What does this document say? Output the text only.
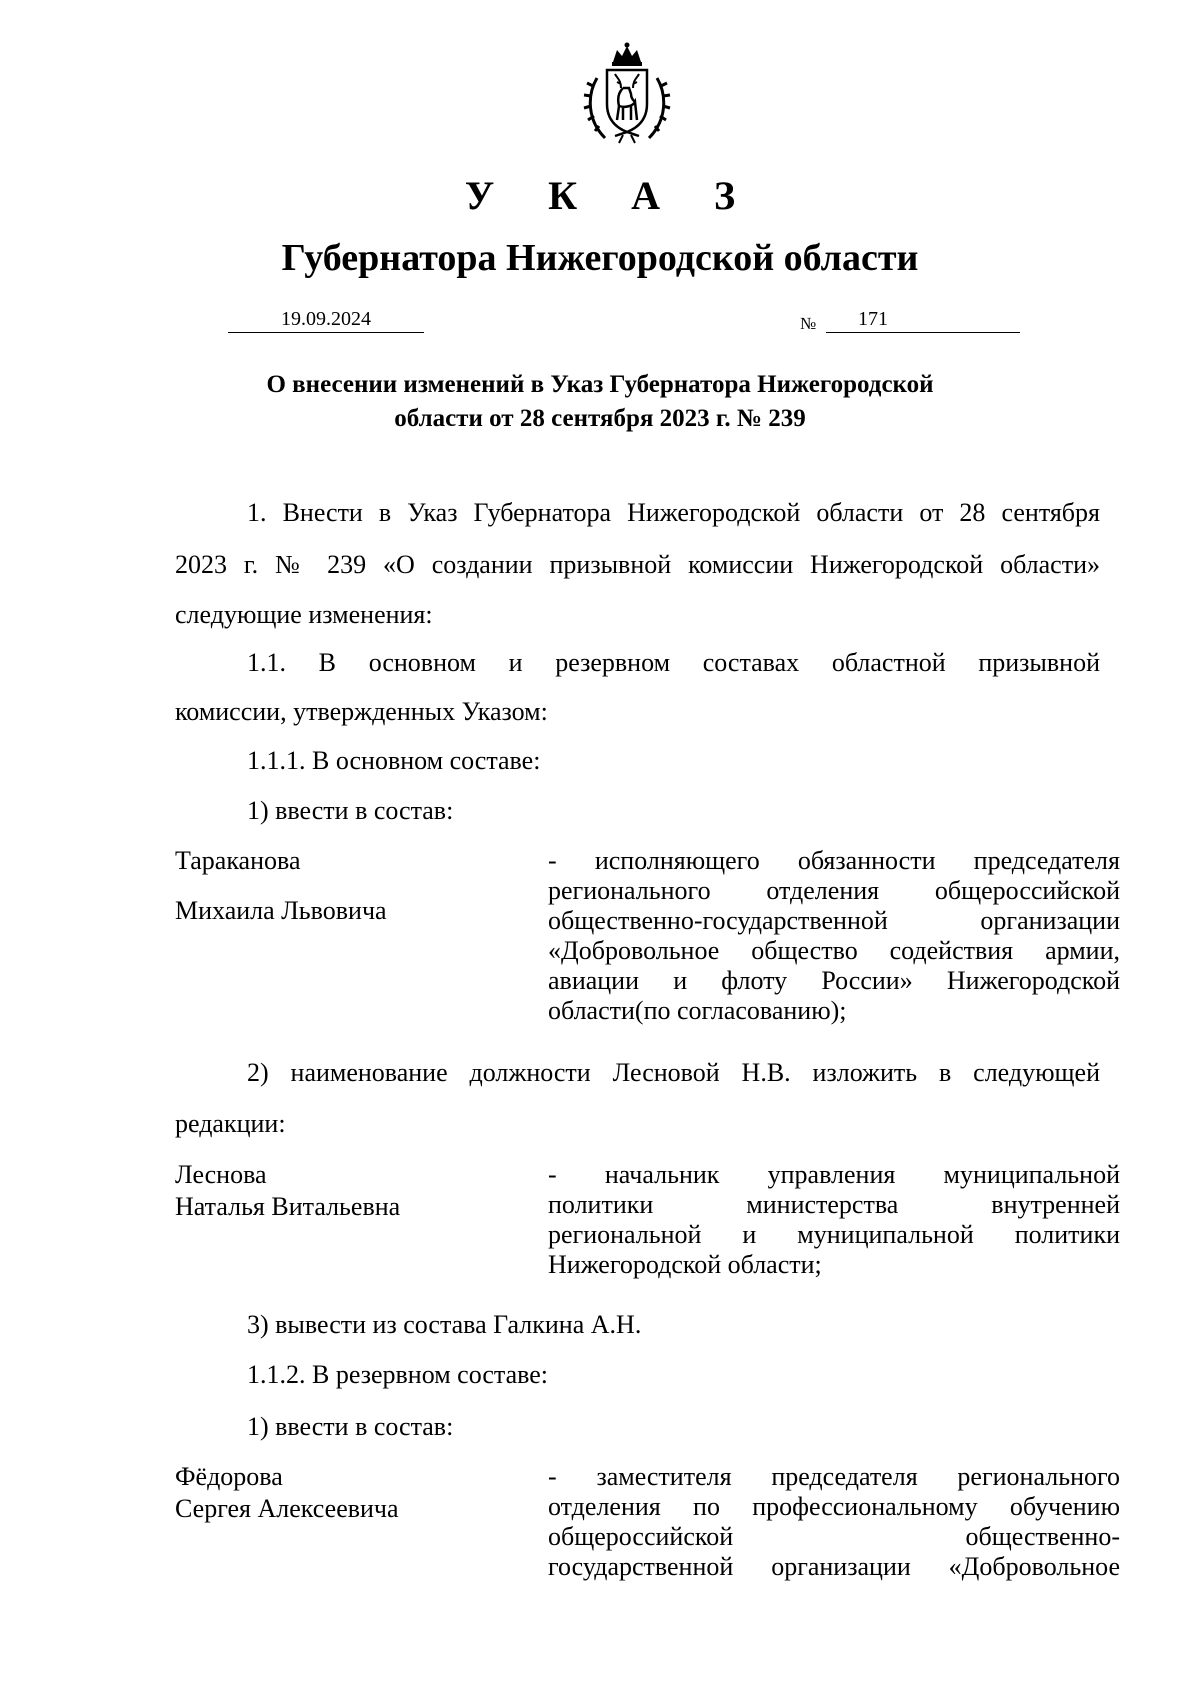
У К А З
Губернатора Нижегородской области
19.09.2024	№ 171
О внесении изменений в Указ Губернатора Нижегородской
области от 28 сентября 2023 г. № 239
1. Внести в Указ Губернатора Нижегородской области от 28 сентября
2023 г. № 239 «О создании призывной комиссии Нижегородской области»
следующие изменения:
1.1. В основном и резервном составах областной призывной
комиссии, утвержденных Указом:
1.1.1. В основном составе:
1) ввести в состав:
Тараканова
Михаила Львовича
- исполняющего обязанности председателя
регионального отделения общероссийской
общественно-государственной организации
«Добровольное общество содействия армии,
авиации и флоту России» Нижегородской
области(по согласованию);
2) наименование должности Лесновой Н.В. изложить в следующей
редакции:
Леснова
Наталья Витальевна
- начальник управления муниципальной
политики министерства внутренней
региональной и муниципальной политики
Нижегородской области;
3) вывести из состава Галкина А.Н.
1.1.2. В резервном составе:
1) ввести в состав:
Фёдорова
Сергея Алексеевича
- заместителя председателя регионального
отделения по профессиональному обучению
общероссийской общественно-
государственной организации «Добровольное
